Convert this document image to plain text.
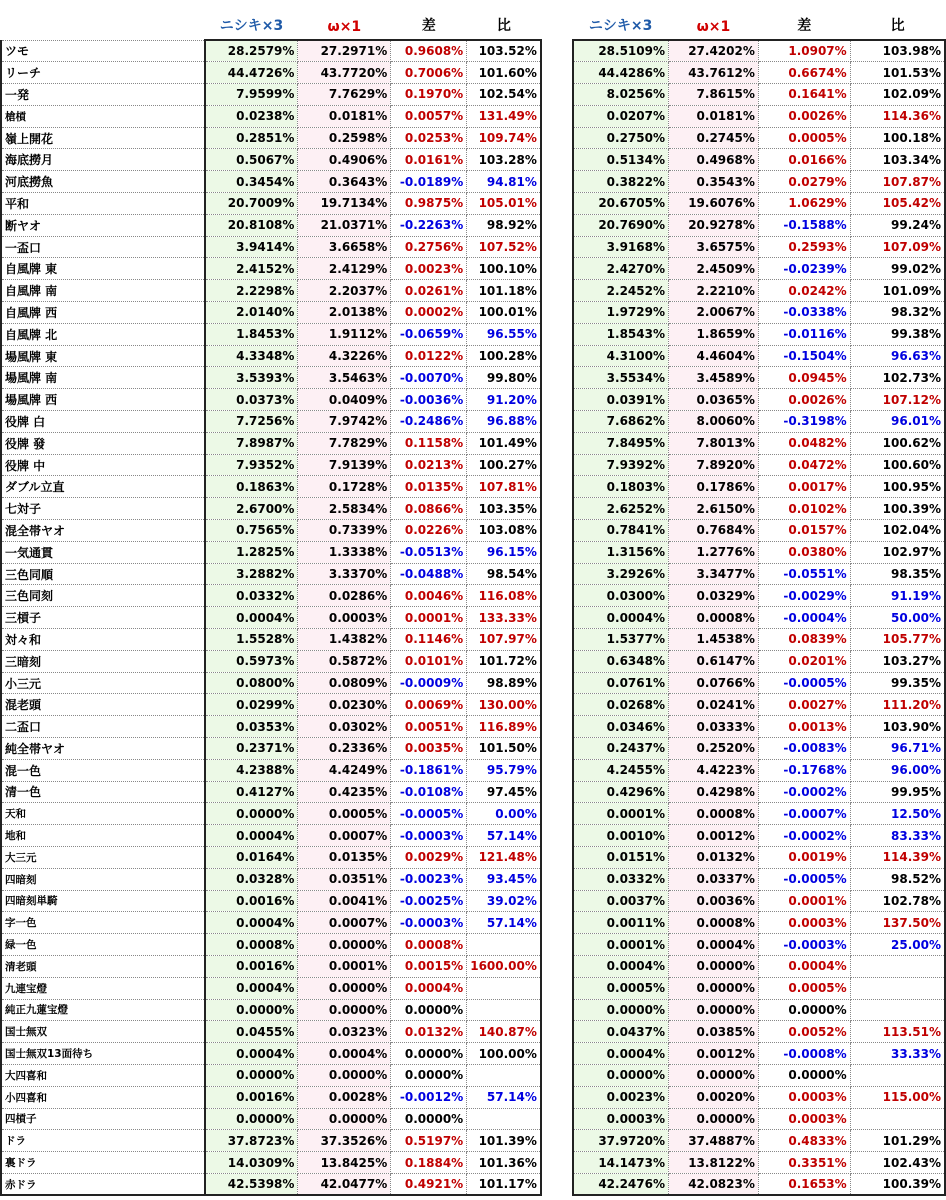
	ニシキ×3	ω×1	差	比		ニシキ×3	ω×1	差	比
ツモ	28.2579%	27.2971%	0.9608%	103.52%		28.5109%	27.4202%	1.0907%	103.98%
リーチ	44.4726%	43.7720%	0.7006%	101.60%		44.4286%	43.7612%	0.6674%	101.53%
一発	7.9599%	7.7629%	0.1970%	102.54%		8.0256%	7.8615%	0.1641%	102.09%
槍槓	0.0238%	0.0181%	0.0057%	131.49%		0.0207%	0.0181%	0.0026%	114.36%
嶺上開花	0.2851%	0.2598%	0.0253%	109.74%		0.2750%	0.2745%	0.0005%	100.18%
海底撈月	0.5067%	0.4906%	0.0161%	103.28%		0.5134%	0.4968%	0.0166%	103.34%
河底撈魚	0.3454%	0.3643%	-0.0189%	94.81%		0.3822%	0.3543%	0.0279%	107.87%
平和	20.7009%	19.7134%	0.9875%	105.01%		20.6705%	19.6076%	1.0629%	105.42%
断ヤオ	20.8108%	21.0371%	-0.2263%	98.92%		20.7690%	20.9278%	-0.1588%	99.24%
一盃口	3.9414%	3.6658%	0.2756%	107.52%		3.9168%	3.6575%	0.2593%	107.09%
自風牌 東	2.4152%	2.4129%	0.0023%	100.10%		2.4270%	2.4509%	-0.0239%	99.02%
自風牌 南	2.2298%	2.2037%	0.0261%	101.18%		2.2452%	2.2210%	0.0242%	101.09%
自風牌 西	2.0140%	2.0138%	0.0002%	100.01%		1.9729%	2.0067%	-0.0338%	98.32%
自風牌 北	1.8453%	1.9112%	-0.0659%	96.55%		1.8543%	1.8659%	-0.0116%	99.38%
場風牌 東	4.3348%	4.3226%	0.0122%	100.28%		4.3100%	4.4604%	-0.1504%	96.63%
場風牌 南	3.5393%	3.5463%	-0.0070%	99.80%		3.5534%	3.4589%	0.0945%	102.73%
場風牌 西	0.0373%	0.0409%	-0.0036%	91.20%		0.0391%	0.0365%	0.0026%	107.12%
役牌 白	7.7256%	7.9742%	-0.2486%	96.88%		7.6862%	8.0060%	-0.3198%	96.01%
役牌 發	7.8987%	7.7829%	0.1158%	101.49%		7.8495%	7.8013%	0.0482%	100.62%
役牌 中	7.9352%	7.9139%	0.0213%	100.27%		7.9392%	7.8920%	0.0472%	100.60%
ダブル立直	0.1863%	0.1728%	0.0135%	107.81%		0.1803%	0.1786%	0.0017%	100.95%
七対子	2.6700%	2.5834%	0.0866%	103.35%		2.6252%	2.6150%	0.0102%	100.39%
混全帯ヤオ	0.7565%	0.7339%	0.0226%	103.08%		0.7841%	0.7684%	0.0157%	102.04%
一気通貫	1.2825%	1.3338%	-0.0513%	96.15%		1.3156%	1.2776%	0.0380%	102.97%
三色同順	3.2882%	3.3370%	-0.0488%	98.54%		3.2926%	3.3477%	-0.0551%	98.35%
三色同刻	0.0332%	0.0286%	0.0046%	116.08%		0.0300%	0.0329%	-0.0029%	91.19%
三槓子	0.0004%	0.0003%	0.0001%	133.33%		0.0004%	0.0008%	-0.0004%	50.00%
対々和	1.5528%	1.4382%	0.1146%	107.97%		1.5377%	1.4538%	0.0839%	105.77%
三暗刻	0.5973%	0.5872%	0.0101%	101.72%		0.6348%	0.6147%	0.0201%	103.27%
小三元	0.0800%	0.0809%	-0.0009%	98.89%		0.0761%	0.0766%	-0.0005%	99.35%
混老頭	0.0299%	0.0230%	0.0069%	130.00%		0.0268%	0.0241%	0.0027%	111.20%
二盃口	0.0353%	0.0302%	0.0051%	116.89%		0.0346%	0.0333%	0.0013%	103.90%
純全帯ヤオ	0.2371%	0.2336%	0.0035%	101.50%		0.2437%	0.2520%	-0.0083%	96.71%
混一色	4.2388%	4.4249%	-0.1861%	95.79%		4.2455%	4.4223%	-0.1768%	96.00%
清一色	0.4127%	0.4235%	-0.0108%	97.45%		0.4296%	0.4298%	-0.0002%	99.95%
天和	0.0000%	0.0005%	-0.0005%	0.00%		0.0001%	0.0008%	-0.0007%	12.50%
地和	0.0004%	0.0007%	-0.0003%	57.14%		0.0010%	0.0012%	-0.0002%	83.33%
大三元	0.0164%	0.0135%	0.0029%	121.48%		0.0151%	0.0132%	0.0019%	114.39%
四暗刻	0.0328%	0.0351%	-0.0023%	93.45%		0.0332%	0.0337%	-0.0005%	98.52%
四暗刻単騎	0.0016%	0.0041%	-0.0025%	39.02%		0.0037%	0.0036%	0.0001%	102.78%
字一色	0.0004%	0.0007%	-0.0003%	57.14%		0.0011%	0.0008%	0.0003%	137.50%
緑一色	0.0008%	0.0000%	0.0008%			0.0001%	0.0004%	-0.0003%	25.00%
清老頭	0.0016%	0.0001%	0.0015%	1600.00%		0.0004%	0.0000%	0.0004%	
九連宝燈	0.0004%	0.0000%	0.0004%			0.0005%	0.0000%	0.0005%	
純正九蓮宝燈	0.0000%	0.0000%	0.0000%			0.0000%	0.0000%	0.0000%	
国士無双	0.0455%	0.0323%	0.0132%	140.87%		0.0437%	0.0385%	0.0052%	113.51%
国士無双13面待ち	0.0004%	0.0004%	0.0000%	100.00%		0.0004%	0.0012%	-0.0008%	33.33%
大四喜和	0.0000%	0.0000%	0.0000%			0.0000%	0.0000%	0.0000%	
小四喜和	0.0016%	0.0028%	-0.0012%	57.14%		0.0023%	0.0020%	0.0003%	115.00%
四槓子	0.0000%	0.0000%	0.0000%			0.0003%	0.0000%	0.0003%	
ドラ	37.8723%	37.3526%	0.5197%	101.39%		37.9720%	37.4887%	0.4833%	101.29%
裏ドラ	14.0309%	13.8425%	0.1884%	101.36%		14.1473%	13.8122%	0.3351%	102.43%
赤ドラ	42.5398%	42.0477%	0.4921%	101.17%		42.2476%	42.0823%	0.1653%	100.39%
